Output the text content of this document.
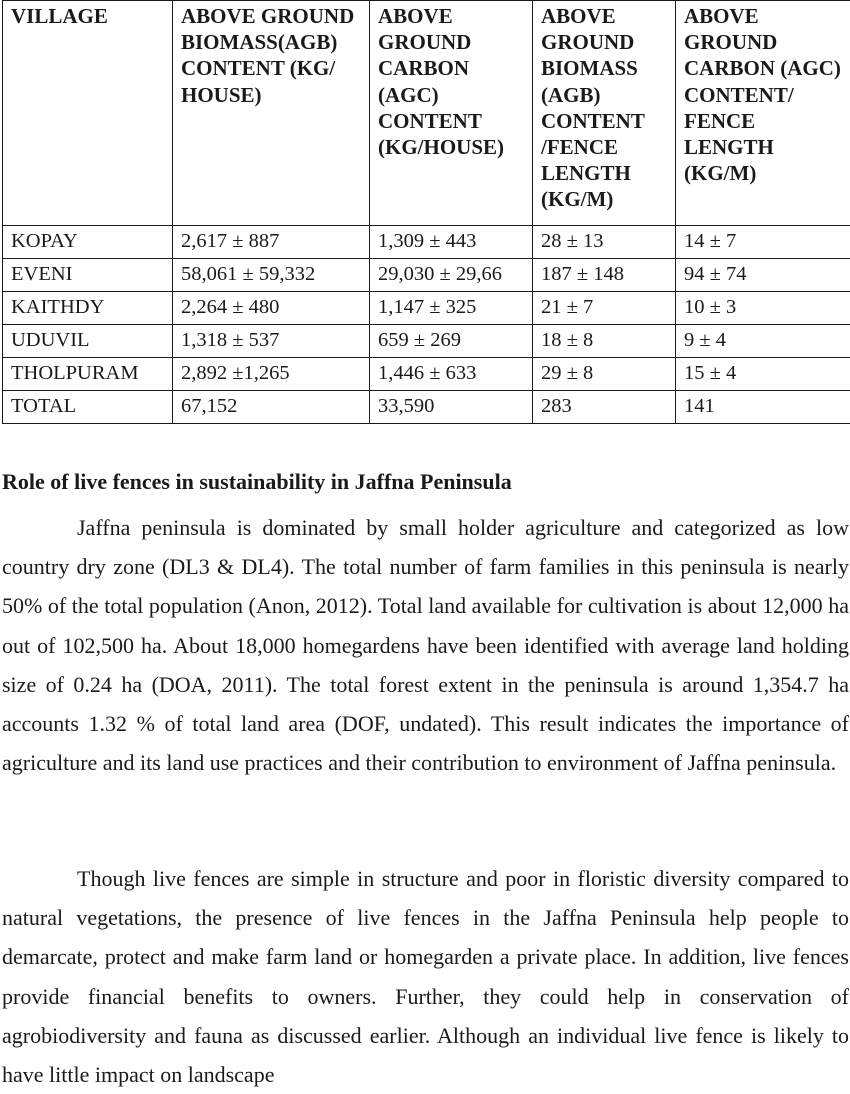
VILLAGE	ABOVE GROUND BIOMASS(AGB) CONTENT (KG/ HOUSE)	ABOVE GROUND CARBON (AGC) CONTENT (KG/HOUSE)	ABOVE GROUND BIOMASS (AGB) CONTENT /FENCE LENGTH (KG/M)	ABOVE GROUND CARBON (AGC) CONTENT/ FENCE LENGTH (KG/M)
KOPAY	2,617 ± 887	1,309 ± 443	28 ± 13	14 ± 7
EVENI	58,061 ± 59,332	29,030 ± 29,66	187 ± 148	94 ± 74
KAITHDY	2,264 ± 480	1,147 ± 325	21 ± 7	10 ± 3
UDUVIL	1,318 ± 537	659 ± 269	18 ± 8	9 ± 4
THOLPURAM	2,892 ±1,265	1,446 ± 633	29 ± 8	15 ± 4
TOTAL	67,152	33,590	283	141
Role of live fences in sustainability in Jaffna Peninsula

Jaffna peninsula is dominated by small holder agriculture and categorized as low country dry zone (DL3 & DL4). The total number of farm families in this peninsula is nearly 50% of the total population (Anon, 2012). Total land available for cultivation is about 12,000 ha out of 102,500 ha. About 18,000 homegardens have been identified with average land holding size of 0.24 ha (DOA, 2011). The total forest extent in the peninsula is around 1,354.7 ha accounts 1.32 % of total land area (DOF, undated). This result indicates the importance of agriculture and its land use practices and their contribution to environment of Jaffna peninsula.

Though live fences are simple in structure and poor in floristic diversity compared to natural vegetations, the presence of live fences in the Jaffna Peninsula help people to demarcate, protect and make farm land or homegarden a private place. In addition, live fences provide financial benefits to owners. Further, they could help in conservation of agrobiodiversity and fauna as discussed earlier. Although an individual live fence is likely to have little impact on landscape
